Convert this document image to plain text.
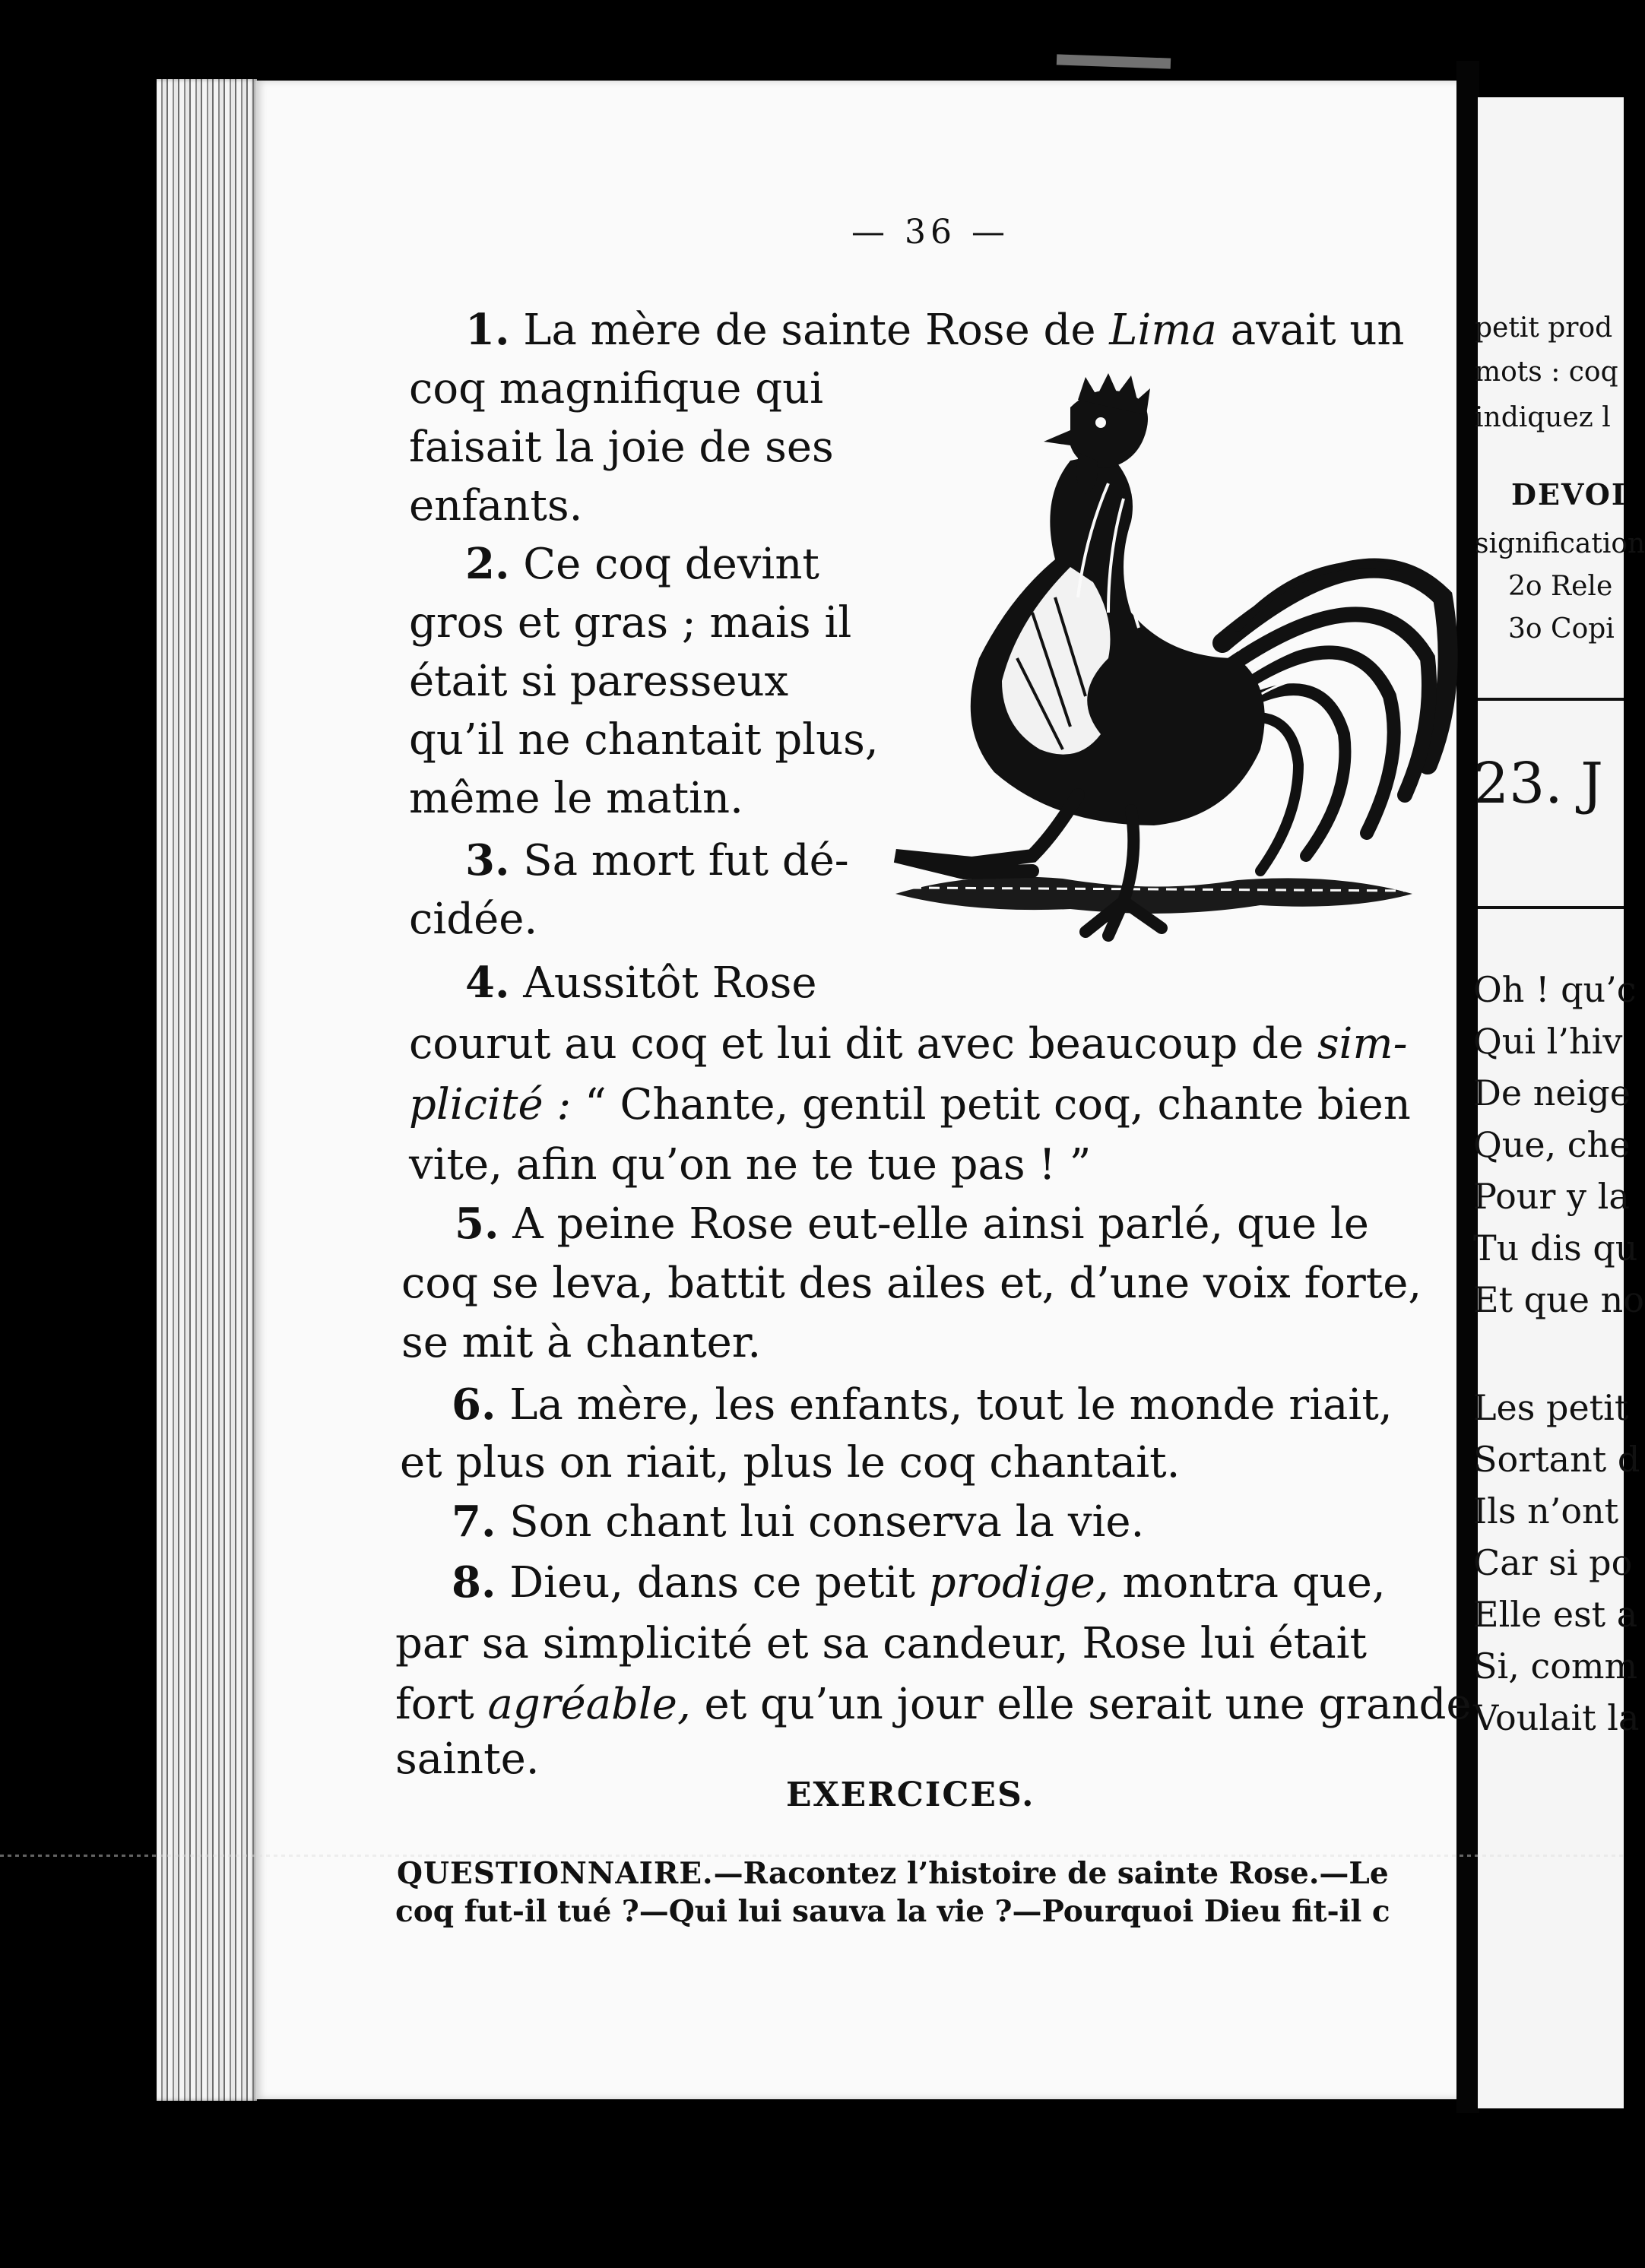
— 36 —
1. La mère de sainte Rose de Lima avait un
coq magnifique qui
faisait la joie de ses
enfants.
2. Ce coq devint
gros et gras ; mais il
était si paresseux
qu’il ne chantait plus,
même le matin.
3. Sa mort fut dé-
cidée.
4. Aussitôt Rose
courut au coq et lui dit avec beaucoup de sim-
plicité : “ Chante, gentil petit coq, chante bien
vite, afin qu’on ne te tue pas ! ”
5. A peine Rose eut-elle ainsi parlé, que le
coq se leva, battit des ailes et, d’une voix forte,
se mit à chanter.
6. La mère, les enfants, tout le monde riait,
et plus on riait, plus le coq chantait.
7. Son chant lui conserva la vie.
8. Dieu, dans ce petit prodige, montra que,
par sa simplicité et sa candeur, Rose lui était
fort agréable, et qu’un jour elle serait une grande
sainte.
EXERCICES.
QUESTIONNAIRE.—Racontez l’histoire de sainte Rose.—Le
coq fut-il tué ?—Qui lui sauva la vie ?—Pourquoi Dieu fit-il c
petit prod
mots : coq
indiquez l
DEVOI
signification
2o Rele
3o Copi
23. J
Oh ! qu’c
Qui l’hiv
De neige
Que, che
Pour y la
Tu dis qu
Et que no
Les petit
Sortant d
Ils n’ont
Car si po
Elle est a
Si, comm
Voulait la
